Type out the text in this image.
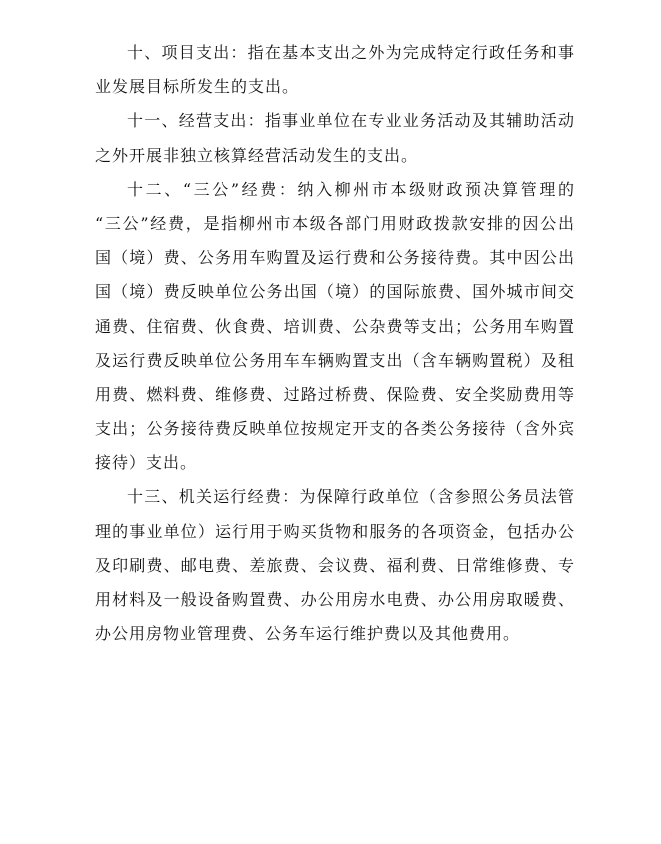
十、项目支出：指在基本支出之外为完成特定行政任务和事
业发展目标所发生的支出。
十一、经营支出：指事业单位在专业业务活动及其辅助活动
之外开展非独立核算经营活动发生的支出。
十二、“三公”经费：纳入柳州市本级财政预决算管理的
“三公”经费，是指柳州市本级各部门用财政拨款安排的因公出
国（境）费、公务用车购置及运行费和公务接待费。其中因公出
国（境）费反映单位公务出国（境）的国际旅费、国外城市间交
通费、住宿费、伙食费、培训费、公杂费等支出；公务用车购置
及运行费反映单位公务用车车辆购置支出（含车辆购置税）及租
用费、燃料费、维修费、过路过桥费、保险费、安全奖励费用等
支出；公务接待费反映单位按规定开支的各类公务接待（含外宾
接待）支出。
十三、机关运行经费：为保障行政单位（含参照公务员法管
理的事业单位）运行用于购买货物和服务的各项资金，包括办公
及印刷费、邮电费、差旅费、会议费、福利费、日常维修费、专
用材料及一般设备购置费、办公用房水电费、办公用房取暖费、
办公用房物业管理费、公务车运行维护费以及其他费用。
